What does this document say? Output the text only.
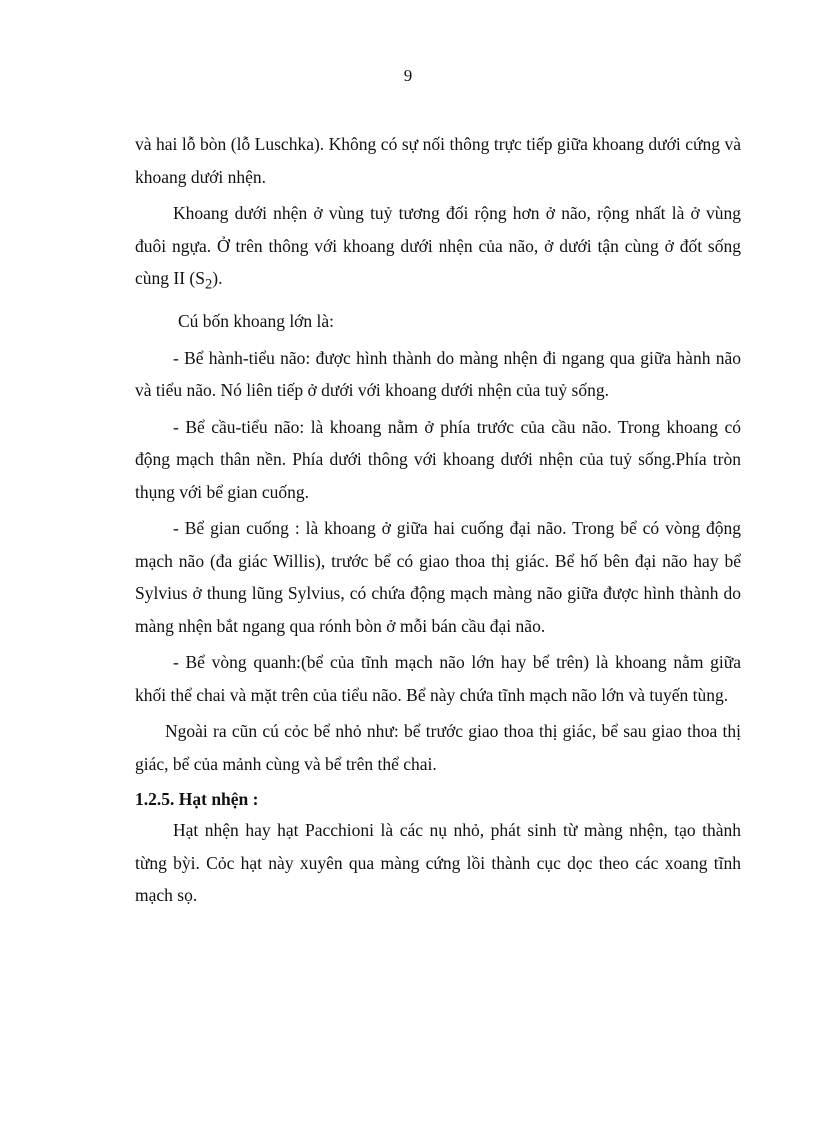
9

và hai lỗ bòn (lỗ Luschka). Không có sự nối thông trực tiếp giữa khoang dưới cứng và khoang dưới nhện.

Khoang dưới nhện ở vùng tuỷ tương đối rộng hơn ở não, rộng nhất là ở vùng đuôi ngựa. Ở trên thông với khoang dưới nhện của não, ở dưới tận cùng ở đốt sống cùng II $(S_2)$.

Cú bốn khoang lớn là:

- Bể hành-tiểu não: được hình thành do màng nhện đi ngang qua giữa hành não và tiểu não. Nó liên tiếp ở dưới với khoang dưới nhện của tuỷ sống.

- Bể cầu-tiểu não: là khoang nằm ở phía trước của cầu não. Trong khoang có động mạch thân nền. Phía dưới thông với khoang dưới nhện của tuỷ sống.Phía tròn thụng với bể gian cuống.

- Bể gian cuống : là khoang ở giữa hai cuống đại não. Trong bể có vòng động mạch não (đa giác Willis), trước bể có giao thoa thị giác. Bể hố bên đại não hay bể Sylvius ở thung lũng Sylvius, có chứa động mạch màng não giữa được hình thành do màng nhện bắt ngang qua rónh bòn ở mỗi bán cầu đại não.

- Bể vòng quanh:(bể của tĩnh mạch não lớn hay bể trên) là khoang nằm giữa khối thể chai và mặt trên của tiểu não. Bể này chứa tĩnh mạch não lớn và tuyến tùng.

Ngoài ra cũn cú cỏc bể nhỏ như: bể trước giao thoa thị giác, bể sau giao thoa thị giác, bể của mảnh cùng và bể trên thể chai.

1.2.5. Hạt nhện :

Hạt nhện hay hạt Pacchioni là các nụ nhỏ, phát sinh từ màng nhện, tạo thành từng bỳi. Cỏc hạt này xuyên qua màng cứng lồi thành cục dọc theo các xoang tĩnh mạch sọ.
